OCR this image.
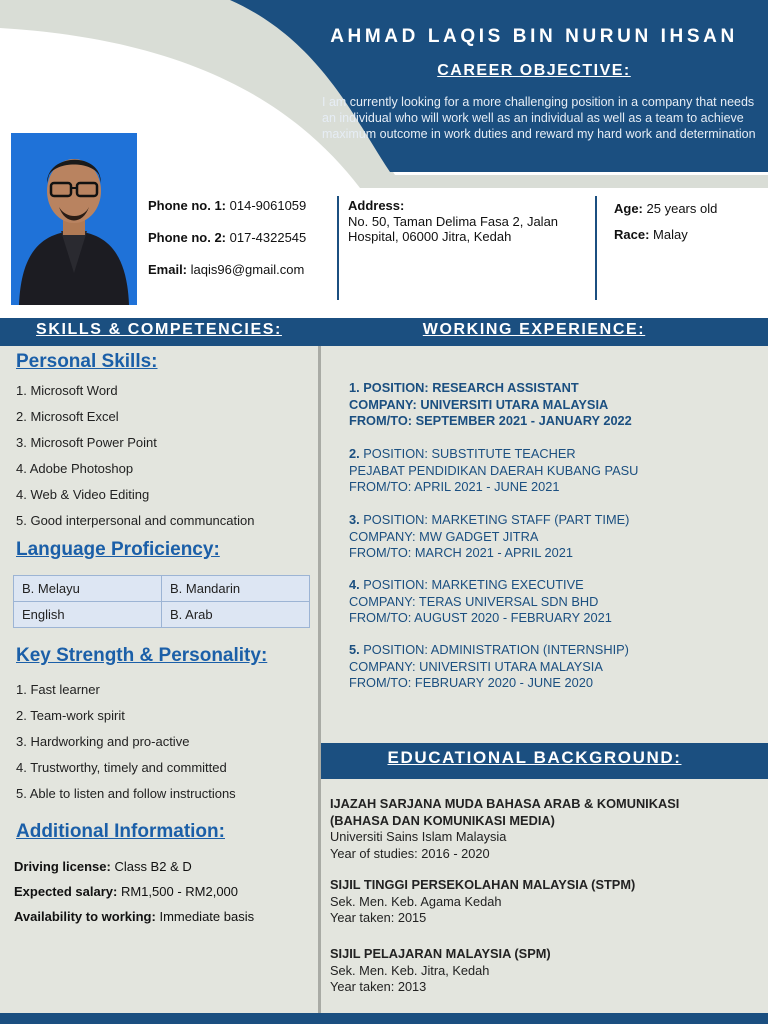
AHMAD LAQIS BIN NURUN IHSAN
CAREER OBJECTIVE:
I am currently looking for a more challenging position in a company that needs an individual who will work well as an individual as well as a team to achieve maximum outcome in work duties and reward my hard work and determination
Phone no. 1: 014-9061059
Phone no. 2: 017-4322545
Email: laqis96@gmail.com
Address:
No. 50, Taman Delima Fasa 2, Jalan Hospital, 06000 Jitra, Kedah
Age: 25 years old
Race: Malay
SKILLS & COMPETENCIES:	WORKING EXPERIENCE:
Personal Skills:
1. Microsoft Word
2. Microsoft Excel
3. Microsoft Power Point
4. Adobe Photoshop
4. Web & Video Editing
5. Good interpersonal and communcation
Language Proficiency:
B. Melayu	B. Mandarin
English	B. Arab
Key Strength & Personality:
1. Fast learner
2. Team-work spirit
3. Hardworking and pro-active
4. Trustworthy, timely and committed
5. Able to listen and follow instructions
Additional Information:
Driving license: Class B2 & D
Expected salary: RM1,500 - RM2,000
Availability to working: Immediate basis
1. POSITION: RESEARCH ASSISTANT
COMPANY: UNIVERSITI UTARA MALAYSIA
FROM/TO: SEPTEMBER 2021 - JANUARY 2022
2. POSITION: SUBSTITUTE TEACHER
PEJABAT PENDIDIKAN DAERAH KUBANG PASU
FROM/TO: APRIL 2021 - JUNE 2021
3. POSITION: MARKETING STAFF (PART TIME)
COMPANY: MW GADGET JITRA
FROM/TO: MARCH 2021 - APRIL 2021
4. POSITION: MARKETING EXECUTIVE
COMPANY: TERAS UNIVERSAL SDN BHD
FROM/TO: AUGUST 2020 - FEBRUARY 2021
5. POSITION: ADMINISTRATION (INTERNSHIP)
COMPANY: UNIVERSITI UTARA MALAYSIA
FROM/TO: FEBRUARY 2020 - JUNE 2020
EDUCATIONAL BACKGROUND:
IJAZAH SARJANA MUDA BAHASA ARAB & KOMUNIKASI (BAHASA DAN KOMUNIKASI MEDIA)
Universiti Sains Islam Malaysia
Year of studies: 2016 - 2020
SIJIL TINGGI PERSEKOLAHAN MALAYSIA (STPM)
Sek. Men. Keb. Agama Kedah
Year taken: 2015
SIJIL PELAJARAN MALAYSIA (SPM)
Sek. Men. Keb. Jitra, Kedah
Year taken: 2013
